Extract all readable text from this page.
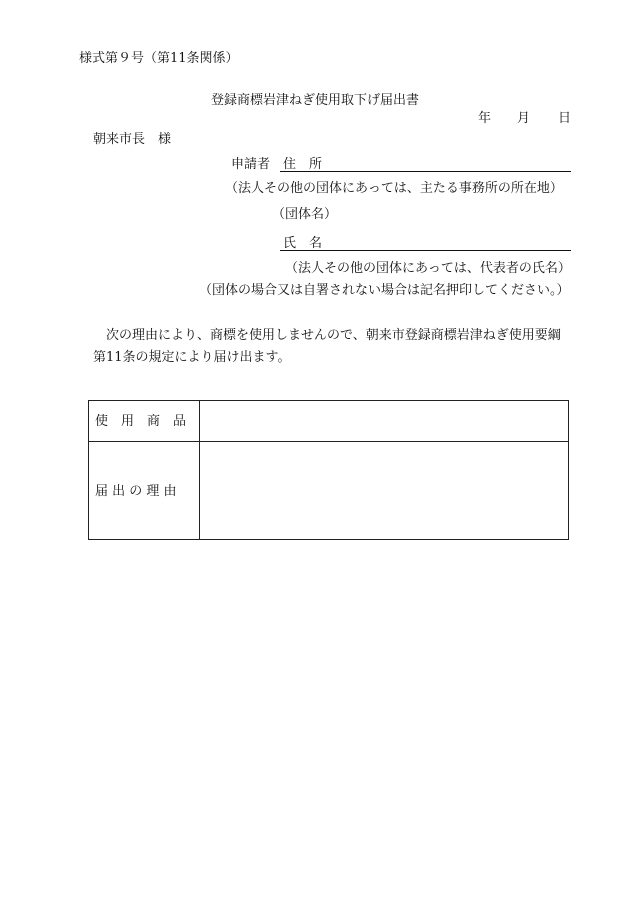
様式第９号（第11条関係）
登録商標岩津ねぎ使用取下げ届出書
年 月 日
朝来市長　様
申請者 住　所
（法人その他の団体にあっては、主たる事務所の所在地）
（団体名）
氏　名
（法人その他の団体にあっては、代表者の氏名）
（団体の場合又は自署されない場合は記名押印してください。）
次の理由により、商標を使用しませんので、朝来市登録商標岩津ねぎ使用要綱第11条の規定により届け出ます。
使　用　商　品
届 出 の 理 由
